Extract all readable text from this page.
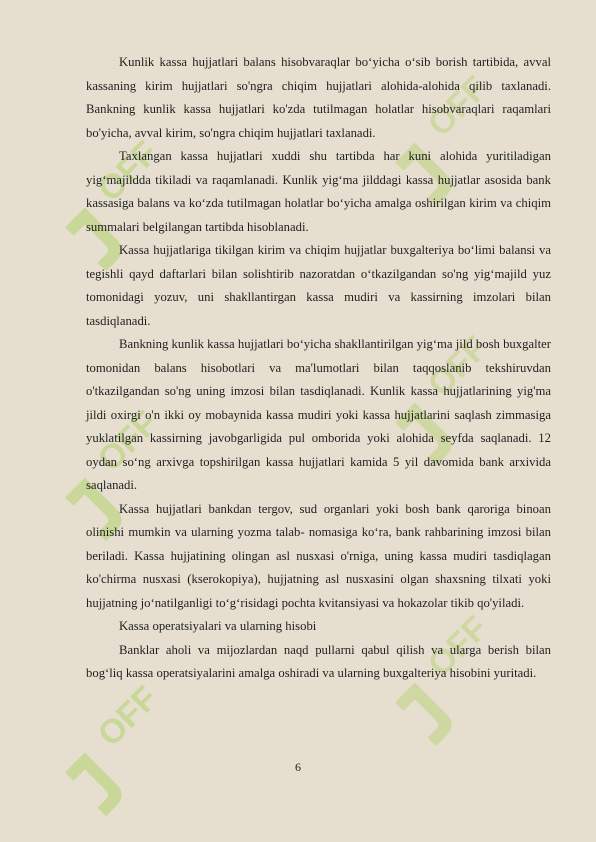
OFF
OFF
OFF
OFF
OFF
OFF

Kunlik kassa hujjatlari balans hisobvaraqlar bo‘yicha o‘sib borish tartibida, avval kassaning kirim hujjatlari so'ngra chiqim hujjatlari alohida-alohida qilib taxlanadi. Bankning kunlik kassa hujjatlari ko'zda tutilmagan holatlar hisobvaraqlari raqamlari bo'yicha, avval kirim, so'ngra chiqim hujjatlari taxlanadi.

Taxlangan kassa hujjatlari xuddi shu tartibda har kuni alohida yuritiladigan yig‘majildda tikiladi va raqamlanadi. Kunlik yig‘ma jilddagi kassa hujjatlar asosida bank kassasiga balans va ko‘zda tutilmagan holatlar bo‘yicha amalga oshirilgan kirim va chiqim summalari belgilangan tartibda hisoblanadi.

Kassa hujjatlariga tikilgan kirim va chiqim hujjatlar buxgalteriya bo‘limi balansi va tegishli qayd daftarlari bilan solishtirib nazoratdan o‘tkazilgandan so'ng yig‘majild yuz tomonidagi yozuv, uni shakllantirgan kassa mudiri va kassirning imzolari bilan tasdiqlanadi.

Bankning kunlik kassa hujjatlari bo‘yicha shakllantirilgan yig‘ma jild bosh buxgalter tomonidan balans hisobotlari va ma'lumotlari bilan taqqoslanib tekshiruvdan o'tkazilgandan so'ng uning imzosi bilan tasdiqlanadi. Kunlik kassa hujjatlarining yig'ma jildi oxirgi o'n ikki oy mobaynida kassa mudiri yoki kassa hujjatlarini saqlash zimmasiga yuklatilgan kassirning javobgarligida pul omborida yoki alohida seyfda saqlanadi. 12 oydan so‘ng arxivga topshirilgan kassa hujjatlari kamida 5 yil davomida bank arxivida saqlanadi.

Kassa hujjatlari bankdan tergov, sud organlari yoki bosh bank qaroriga binoan olinishi mumkin va ularning yozma talab- nomasiga ko‘ra, bank rahbarining imzosi bilan beriladi. Kassa hujjatining olingan asl nusxasi o'rniga, uning kassa mudiri tasdiqlagan ko'chirma nusxasi (kserokopiya), hujjatning asl nusxasini olgan shaxsning tilxati yoki hujjatning jo‘natilganligi to‘g‘risidagi pochta kvitansiyasi va hokazolar tikib qo'yiladi.

Kassa operatsiyalari va ularning hisobi

Banklar aholi va mijozlardan naqd pullarni qabul qilish va ularga berish bilan bog‘liq kassa operatsiyalarini amalga oshiradi va ularning buxgalteriya hisobini yuritadi.

6
